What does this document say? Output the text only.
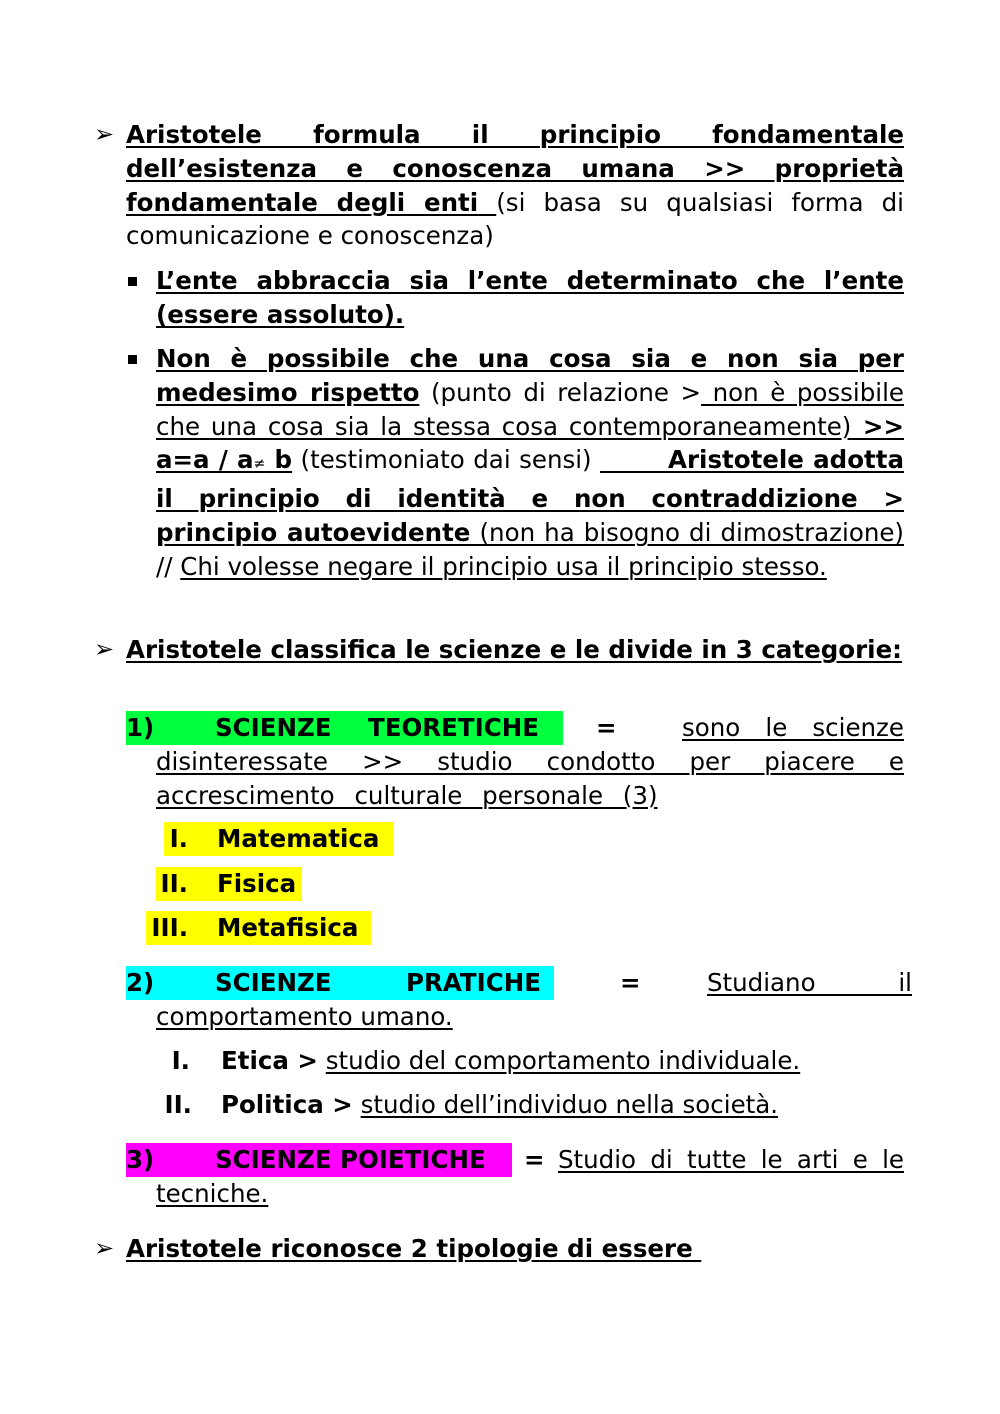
➢ Aristotele formula il principio fondamentale dell’esistenza e conoscenza umana >> proprietà fondamentale degli enti (si basa su qualsiasi forma di comunicazione e conoscenza)
L’ente abbraccia sia l’ente determinato che l’ente (essere assoluto).
Non è possibile che una cosa sia e non sia per medesimo rispetto (punto di relazione > non è possibile che una cosa sia la stessa cosa contemporaneamente) >> a=a / a≠ b (testimoniato dai sensi)	Aristotele adotta il principio di identità e non contraddizione > principio autoevidente (non ha bisogno di dimostrazione) // Chi volesse negare il principio usa il principio stesso.
➢ Aristotele classifica le scienze e le divide in 3 categorie:
1) SCIENZE TEORETICHE =	sono le scienze disinteressate >> studio condotto per piacere e accrescimento culturale personale (3)
I. Matematica
II. Fisica
III. Metafisica
2) SCIENZE PRATICHE	=	Studiano il
comportamento umano.
I. Etica > studio del comportamento individuale.
II. Politica > studio dell’individuo nella società.
3) SCIENZE POIETICHE = Studio di tutte le arti e le tecniche.
➢ Aristotele riconosce 2 tipologie di essere
